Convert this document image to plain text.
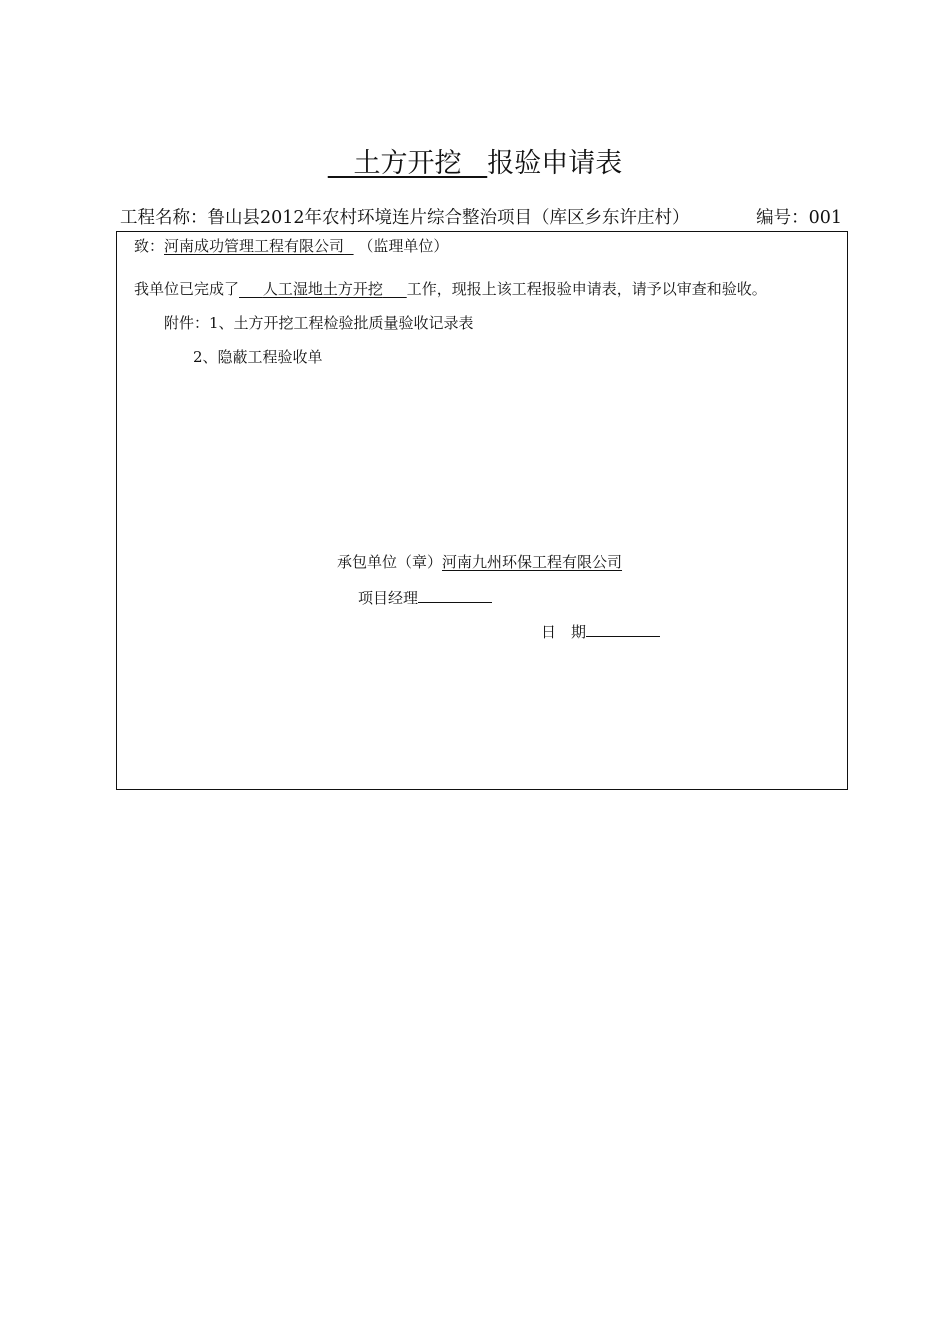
土方开挖 报验申请表
工程名称：鲁山县2012年农村环境连片综合整治项目（库区乡东许庄村）	编号：001
致：河南成功管理工程有限公司 （监理单位）
我单位已完成了 人工湿地土方开挖 工作，现报上该工程报验申请表，请予以审查和验收。
附件：1、土方开挖工程检验批质量验收记录表
2、隐蔽工程验收单
承包单位（章）河南九州环保工程有限公司
项目经理
日　期
